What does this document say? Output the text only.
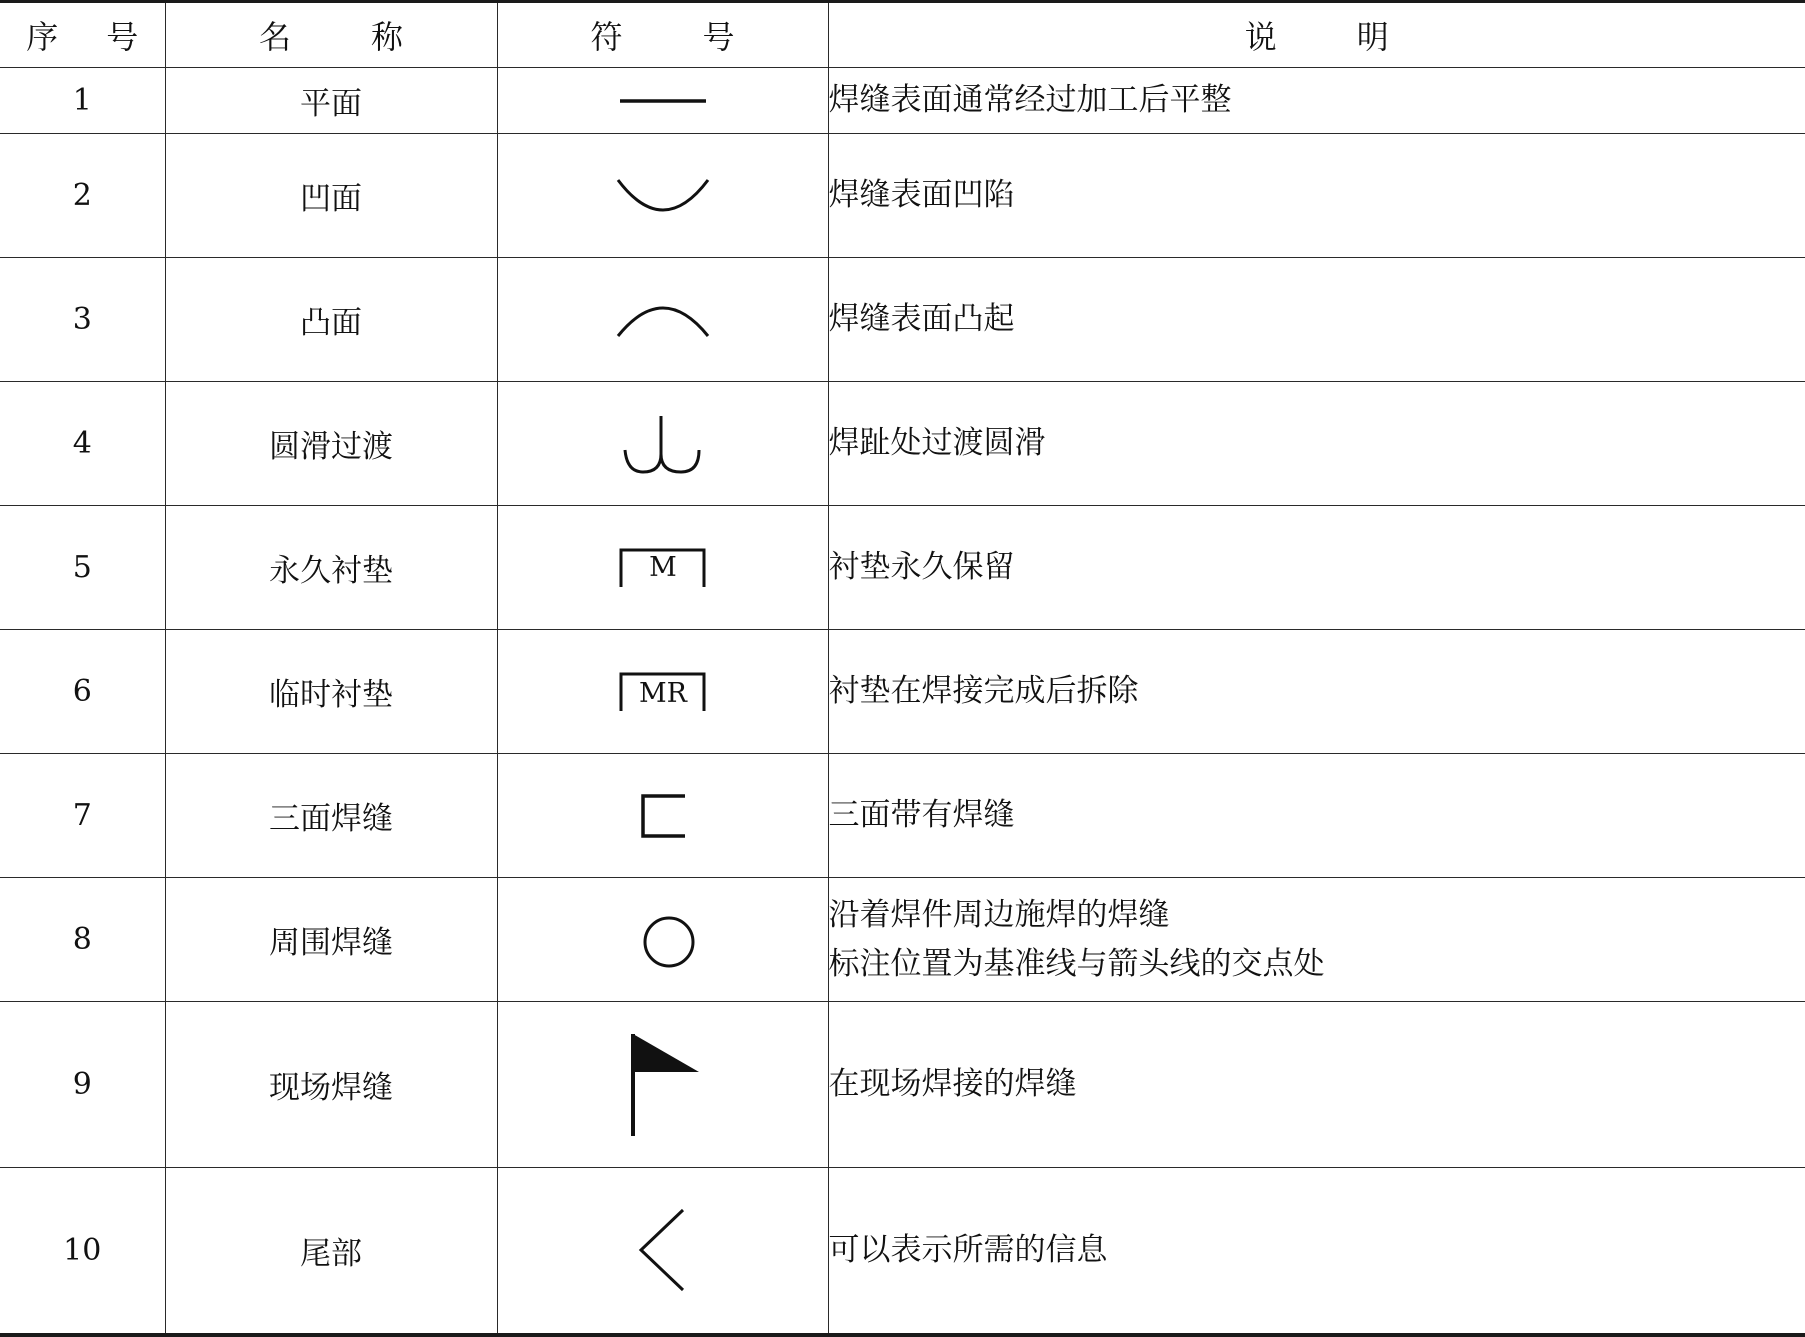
序 号	名 称	符 号	说 明
1	平面		焊缝表面通常经过加工后平整
2	凹面		焊缝表面凹陷
3	凸面		焊缝表面凸起
4	圆滑过渡		焊趾处过渡圆滑
5	永久衬垫	M	衬垫永久保留
6	临时衬垫	MR	衬垫在焊接完成后拆除
7	三面焊缝		三面带有焊缝
8	周围焊缝		沿着焊件周边施焊的焊缝
标注位置为基准线与箭头线的交点处

9	现场焊缝		在现场焊接的焊缝
10	尾部		可以表示所需的信息
